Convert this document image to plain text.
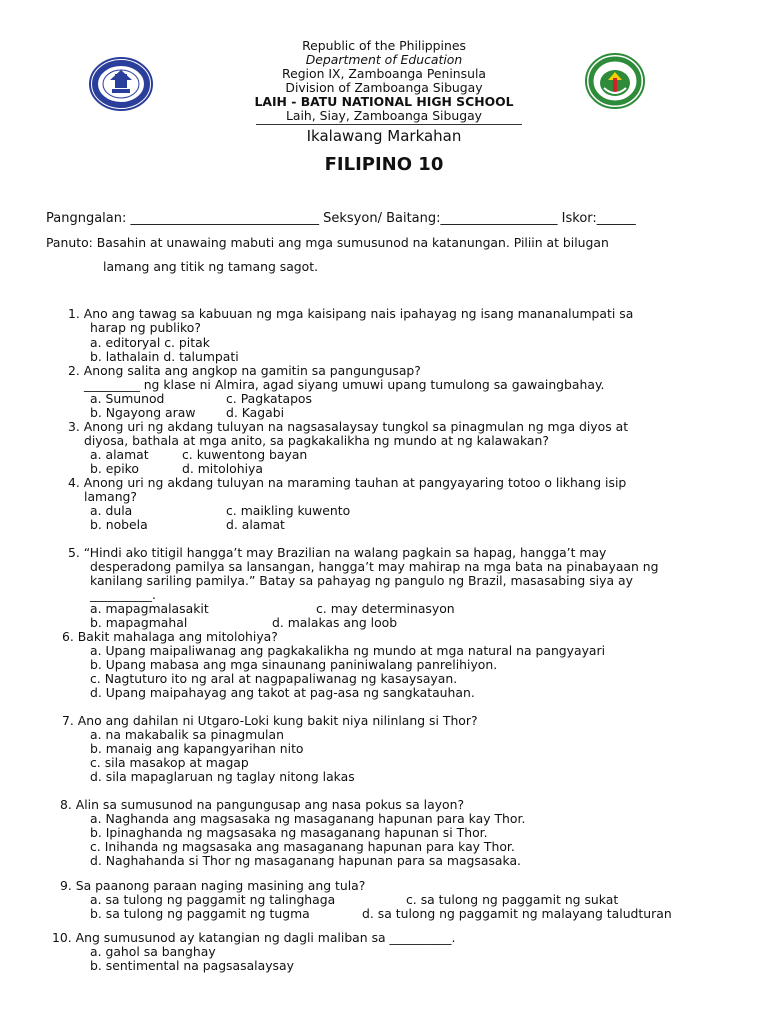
Republic of the Philippines
Department of Education
Region IX, Zamboanga Peninsula
Division of Zamboanga Sibugay
LAIH - BATU NATIONAL HIGH SCHOOL
Laih, Siay, Zamboanga Sibugay
Ikalawang Markahan
FILIPINO 10
Pangngalan: _____________________________ Seksyon/ Baitang:__________________ Iskor:______
Panuto: Basahin at unawaing mabuti ang mga sumusunod na katanungan. Piliin at bilugan
lamang ang titik ng tamang sagot.
1. Ano ang tawag sa kabuuan ng mga kaisipang nais ipahayag ng isang mananalumpati sa
harap ng publiko?
a. editoryal c. pitak
b. lathalain d. talumpati
2. Anong salita ang angkop na gamitin sa pangungusap?
_________ ng klase ni Almira, agad siyang umuwi upang tumulong sa gawaingbahay.
a. Sumunod	c. Pagkatapos
b. Ngayong araw d. Kagabi
3. Anong uri ng akdang tuluyan na nagsasalaysay tungkol sa pinagmulan ng mga diyos at
diyosa, bathala at mga anito, sa pagkakalikha ng mundo at ng kalawakan?
a. alamat	c. kuwentong bayan
b. epiko	d. mitolohiya
4. Anong uri ng akdang tuluyan na maraming tauhan at pangyayaring totoo o likhang isip
lamang?
a. dula	c. maikling kuwento
b. nobela	d. alamat
5. “Hindi ako titigil hangga’t may Brazilian na walang pagkain sa hapag, hangga’t may
desperadong pamilya sa lansangan, hangga’t may mahirap na mga bata na pinabayaan ng
kanilang sariling pamilya.” Batay sa pahayag ng pangulo ng Brazil, masasabing siya ay
__________.
a. mapagmalasakit	c. may determinasyon
b. mapagmahal	d. malakas ang loob
6. Bakit mahalaga ang mitolohiya?
a. Upang maipaliwanag ang pagkakalikha ng mundo at mga natural na pangyayari
b. Upang mabasa ang mga sinaunang paniniwalang panrelihiyon.
c. Nagtuturo ito ng aral at nagpapaliwanag ng kasaysayan.
d. Upang maipahayag ang takot at pag-asa ng sangkatauhan.
7. Ano ang dahilan ni Utgaro-Loki kung bakit niya nilinlang si Thor?
a. na makabalik sa pinagmulan
b. manaig ang kapangyarihan nito
c. sila masakop at magap
d. sila mapaglaruan ng taglay nitong lakas
8. Alin sa sumusunod na pangungusap ang nasa pokus sa layon?
a. Naghanda ang magsasaka ng masaganang hapunan para kay Thor.
b. Ipinaghanda ng magsasaka ng masaganang hapunan si Thor.
c. Inihanda ng magsasaka ang masaganang hapunan para kay Thor.
d. Naghahanda si Thor ng masaganang hapunan para sa magsasaka.
9. Sa paanong paraan naging masining ang tula?
a. sa tulong ng paggamit ng talinghaga	c. sa tulong ng paggamit ng sukat
b. sa tulong ng paggamit ng tugma	d. sa tulong ng paggamit ng malayang taludturan
10. Ang sumusunod ay katangian ng dagli maliban sa __________.
a. gahol sa banghay
b. sentimental na pagsasalaysay
